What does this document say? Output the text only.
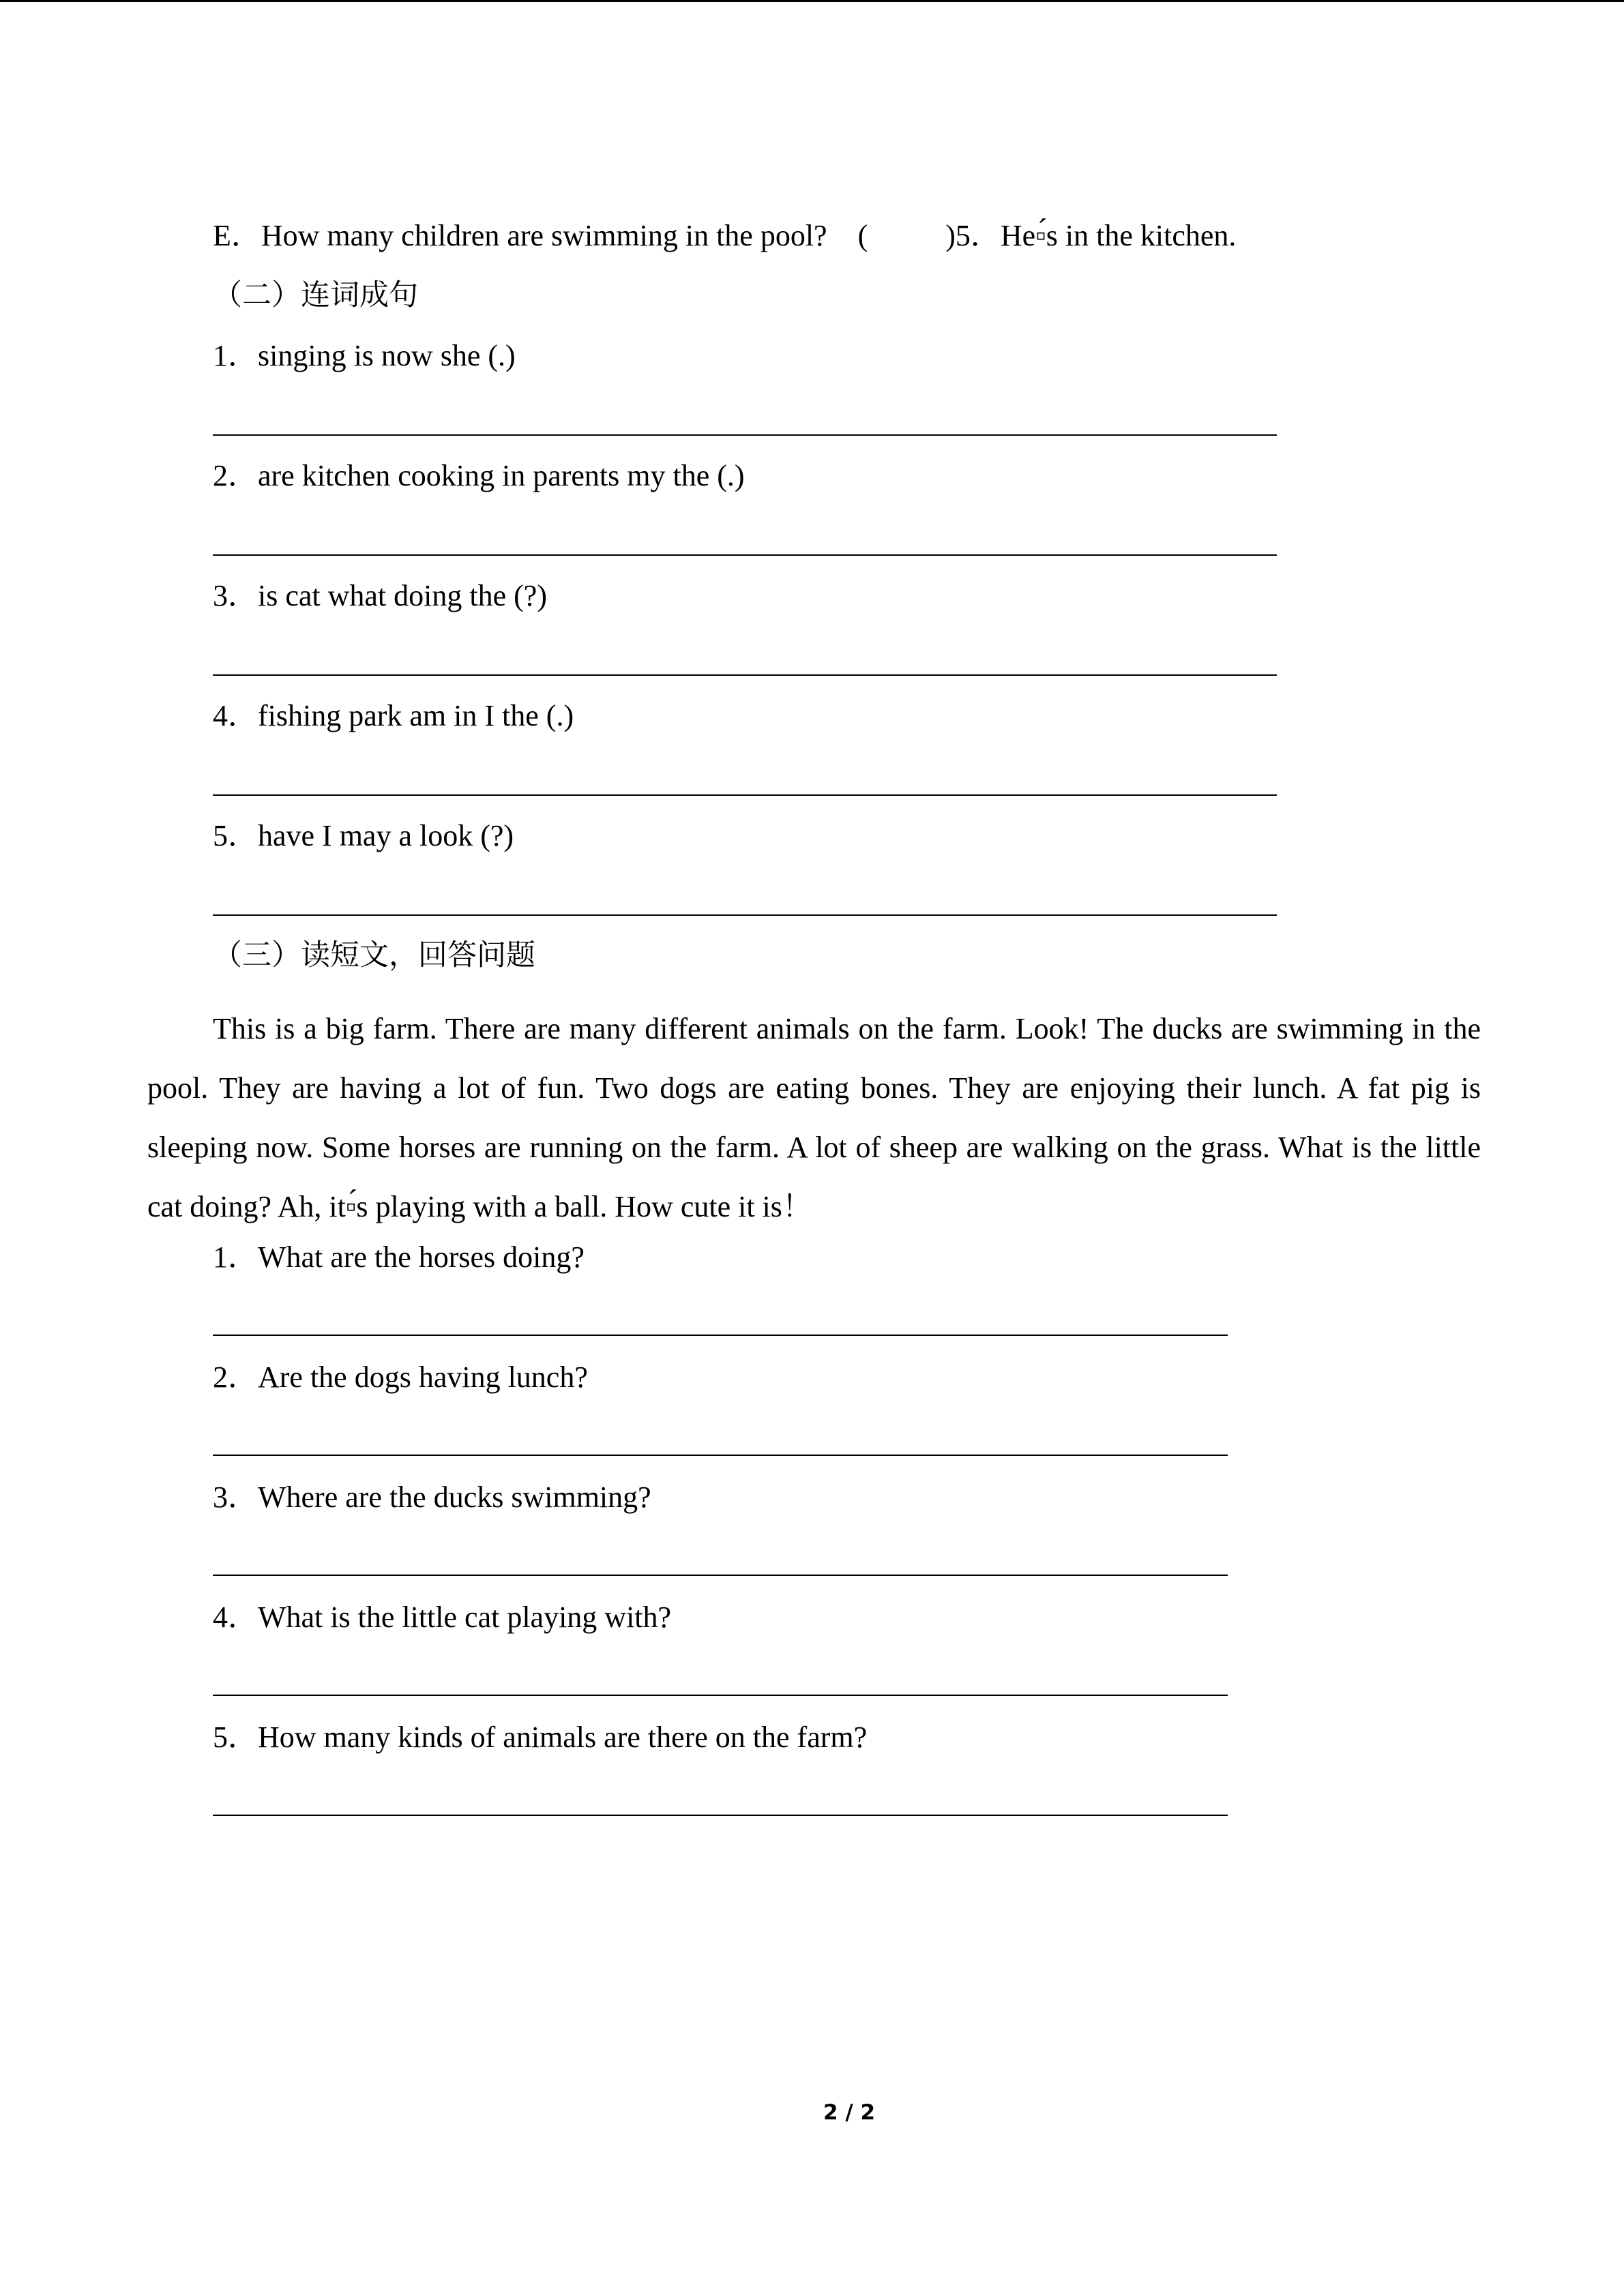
E．How many children are swimming in the pool? (	)5．He▫́s in the kitchen.
（二）连词成句
1．singing is now she (.)
2．are kitchen cooking in parents my the (.)
3．is cat what doing the (?)
4．fishing park am in I the (.)
5．have I may a look (?)
（三）读短文，回答问题
This is a big farm. There are many different animals on the farm. Look! The ducks are swimming in the pool. They are having a lot of fun. Two dogs are eating bones. They are enjoying their lunch. A fat pig is sleeping now. Some horses are running on the farm. A lot of sheep are walking on the grass. What is the little cat doing? Ah, it▫́s playing with a ball. How cute it is！
1．What are the horses doing?
2．Are the dogs having lunch?
3．Where are the ducks swimming?
4．What is the little cat playing with?
5．How many kinds of animals are there on the farm?
2 / 2
